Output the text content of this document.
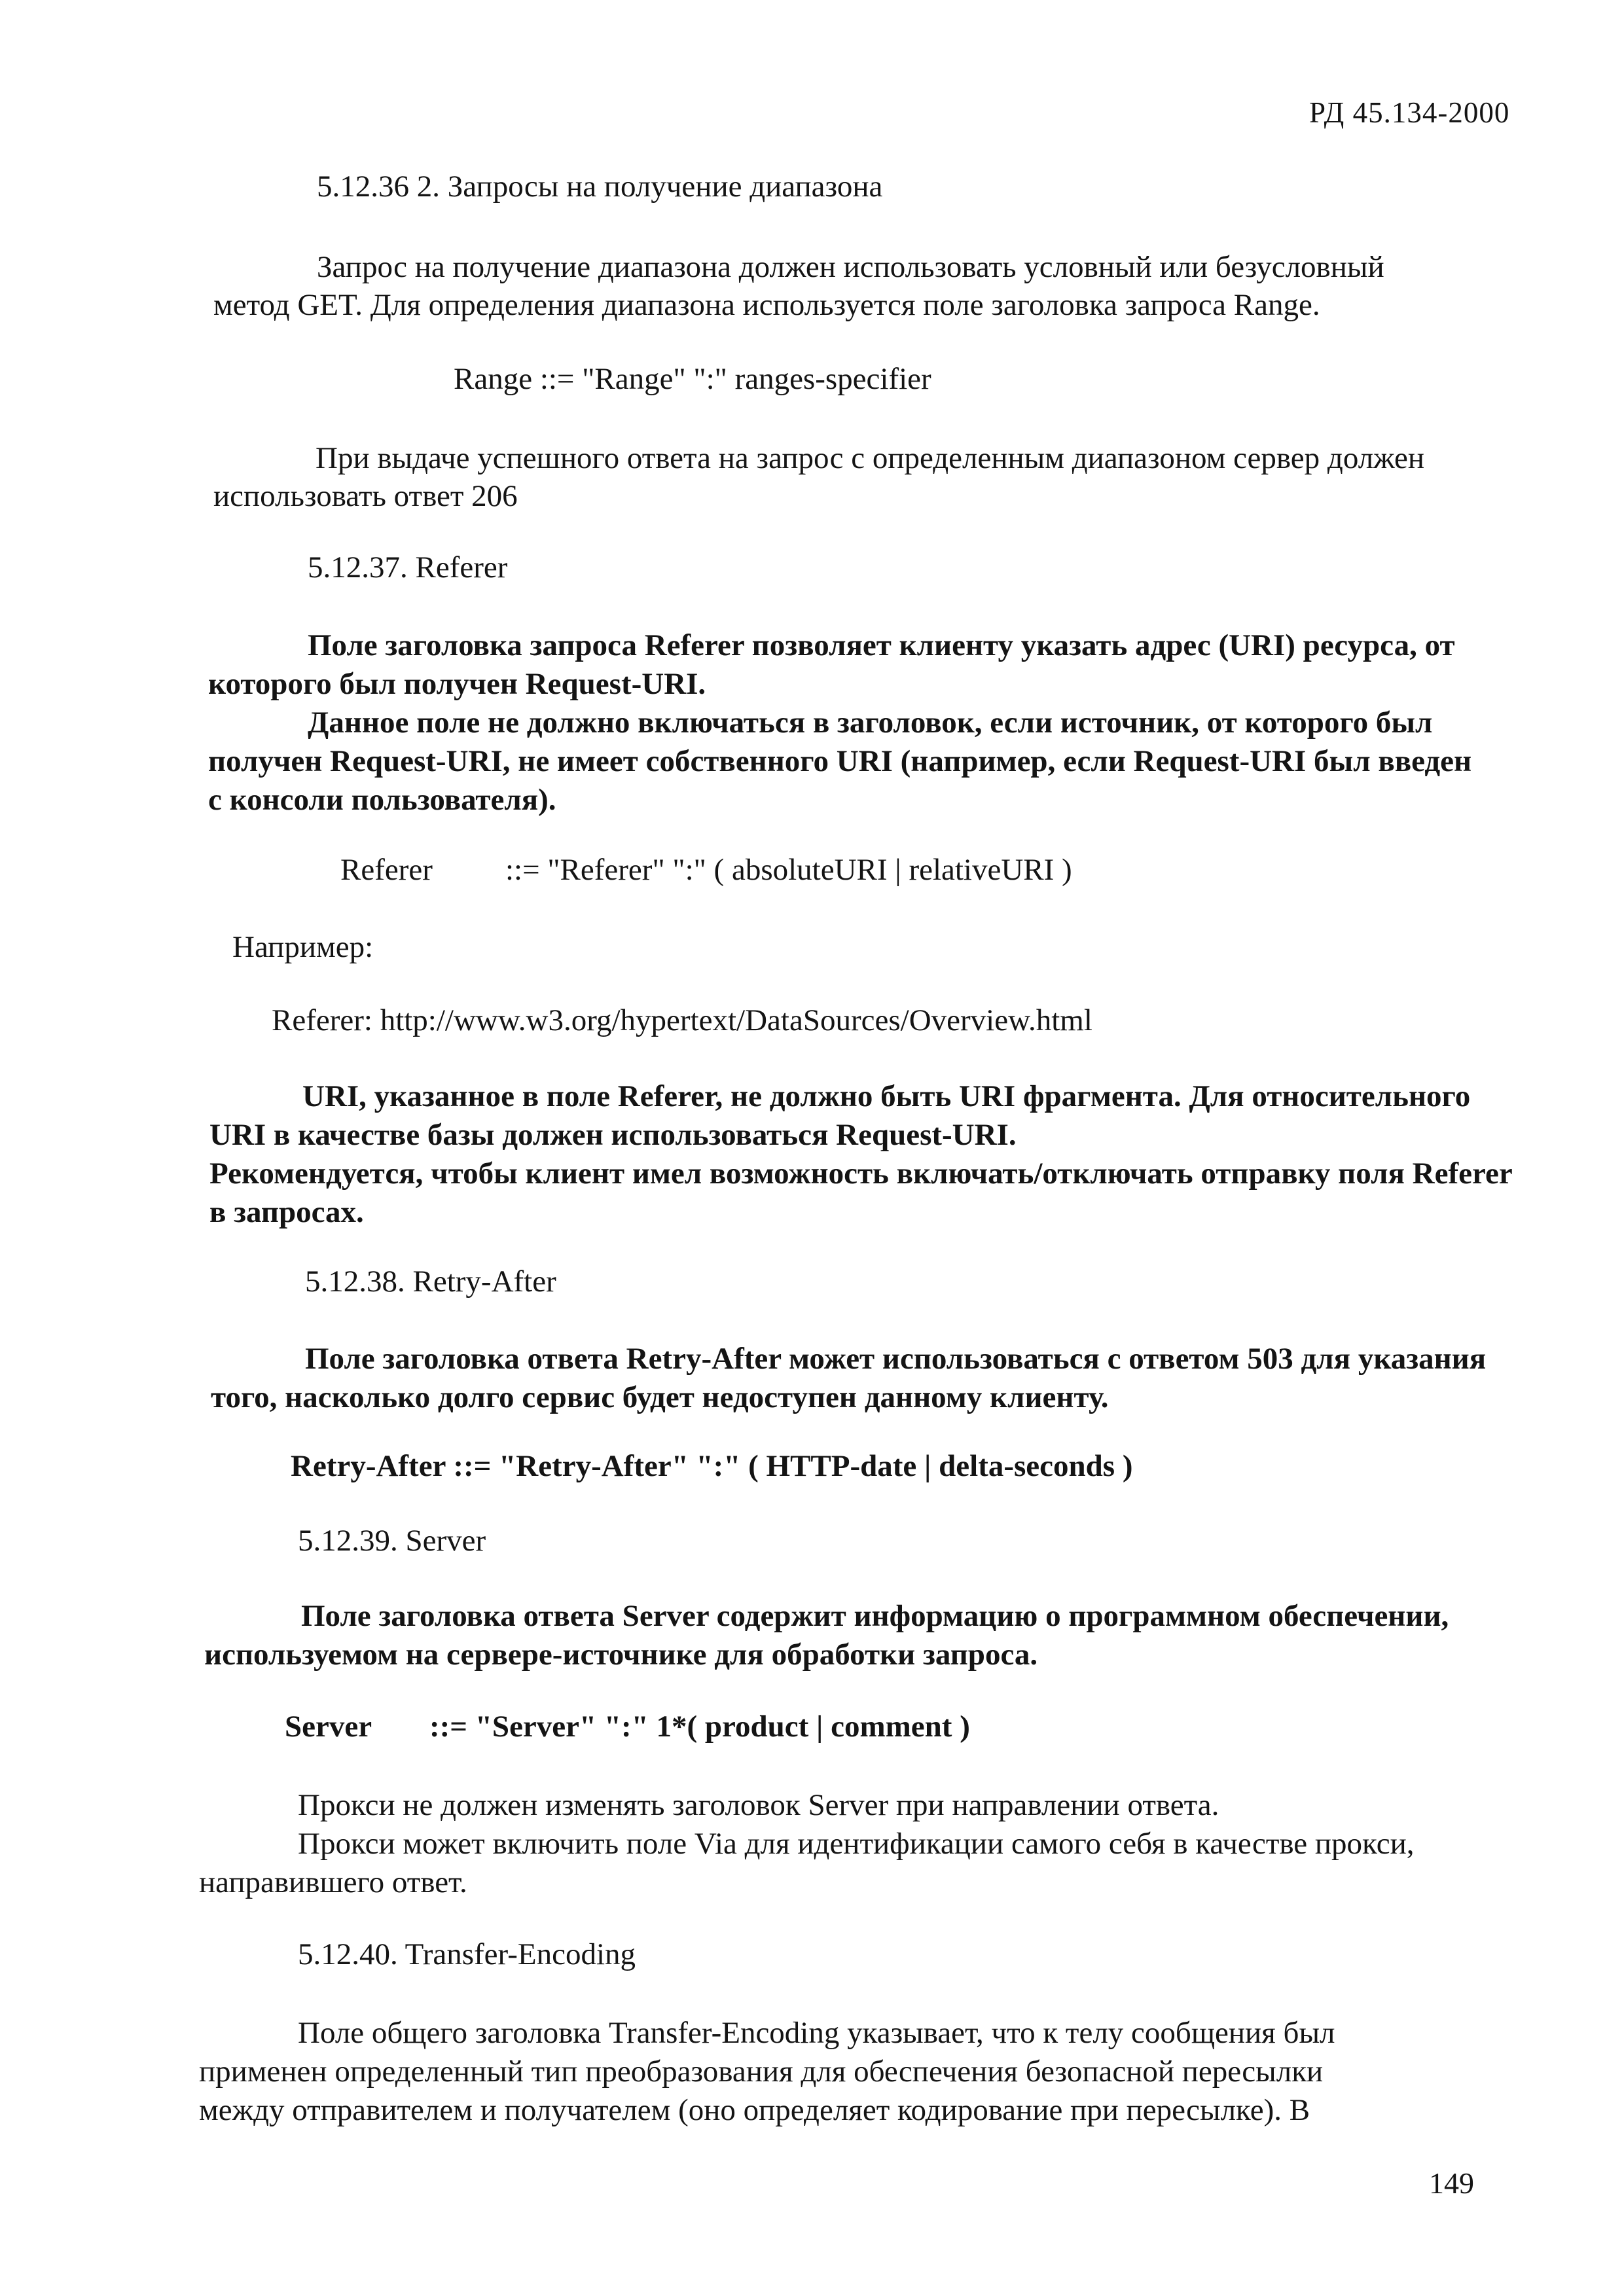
РД 45.134-2000
5.12.36 2. Запросы на получение диапазона
Запрос на получение диапазона должен использовать условный или безусловный
метод GET. Для определения диапазона используется поле заголовка запроса Range.
Range ::= "Range" ":" ranges-specifier
При выдаче успешного ответа на запрос с определенным диапазоном сервер должен
использовать ответ 206
5.12.37. Referer
Поле заголовка запроса Referer позволяет клиенту указать адрес (URI) ресурса, от
которого был получен Request-URI.
Данное поле не должно включаться в заголовок, если источник, от которого был
получен Request-URI, не имеет собственного URI (например, если Request-URI был введен
с консоли пользователя).
Referer ::= "Referer" ":" ( absoluteURI | relativeURI )
Например:
Referer: http://www.w3.org/hypertext/DataSources/Overview.html
URI, указанное в поле Referer, не должно быть URI фрагмента. Для относительного
URI в качестве базы должен использоваться Request-URI.
Рекомендуется, чтобы клиент имел возможность включать/отключать отправку поля Referer
в запросах.
5.12.38. Retry-After
Поле заголовка ответа Retry-After может использоваться с ответом 503 для указания
того, насколько долго сервис будет недоступен данному клиенту.
Retry-After ::= "Retry-After" ":" ( HTTP-date | delta-seconds )
5.12.39. Server
Поле заголовка ответа Server содержит информацию о программном обеспечении,
используемом на сервере-источнике для обработки запроса.
Server ::= "Server" ":" 1*( product | comment )
Прокси не должен изменять заголовок Server при направлении ответа.
Прокси может включить поле Via для идентификации самого себя в качестве прокси,
направившего ответ.
5.12.40. Transfer-Encoding
Поле общего заголовка Transfer-Encoding указывает, что к телу сообщения был
применен определенный тип преобразования для обеспечения безопасной пересылки
между отправителем и получателем (оно определяет кодирование при пересылке). В
149
